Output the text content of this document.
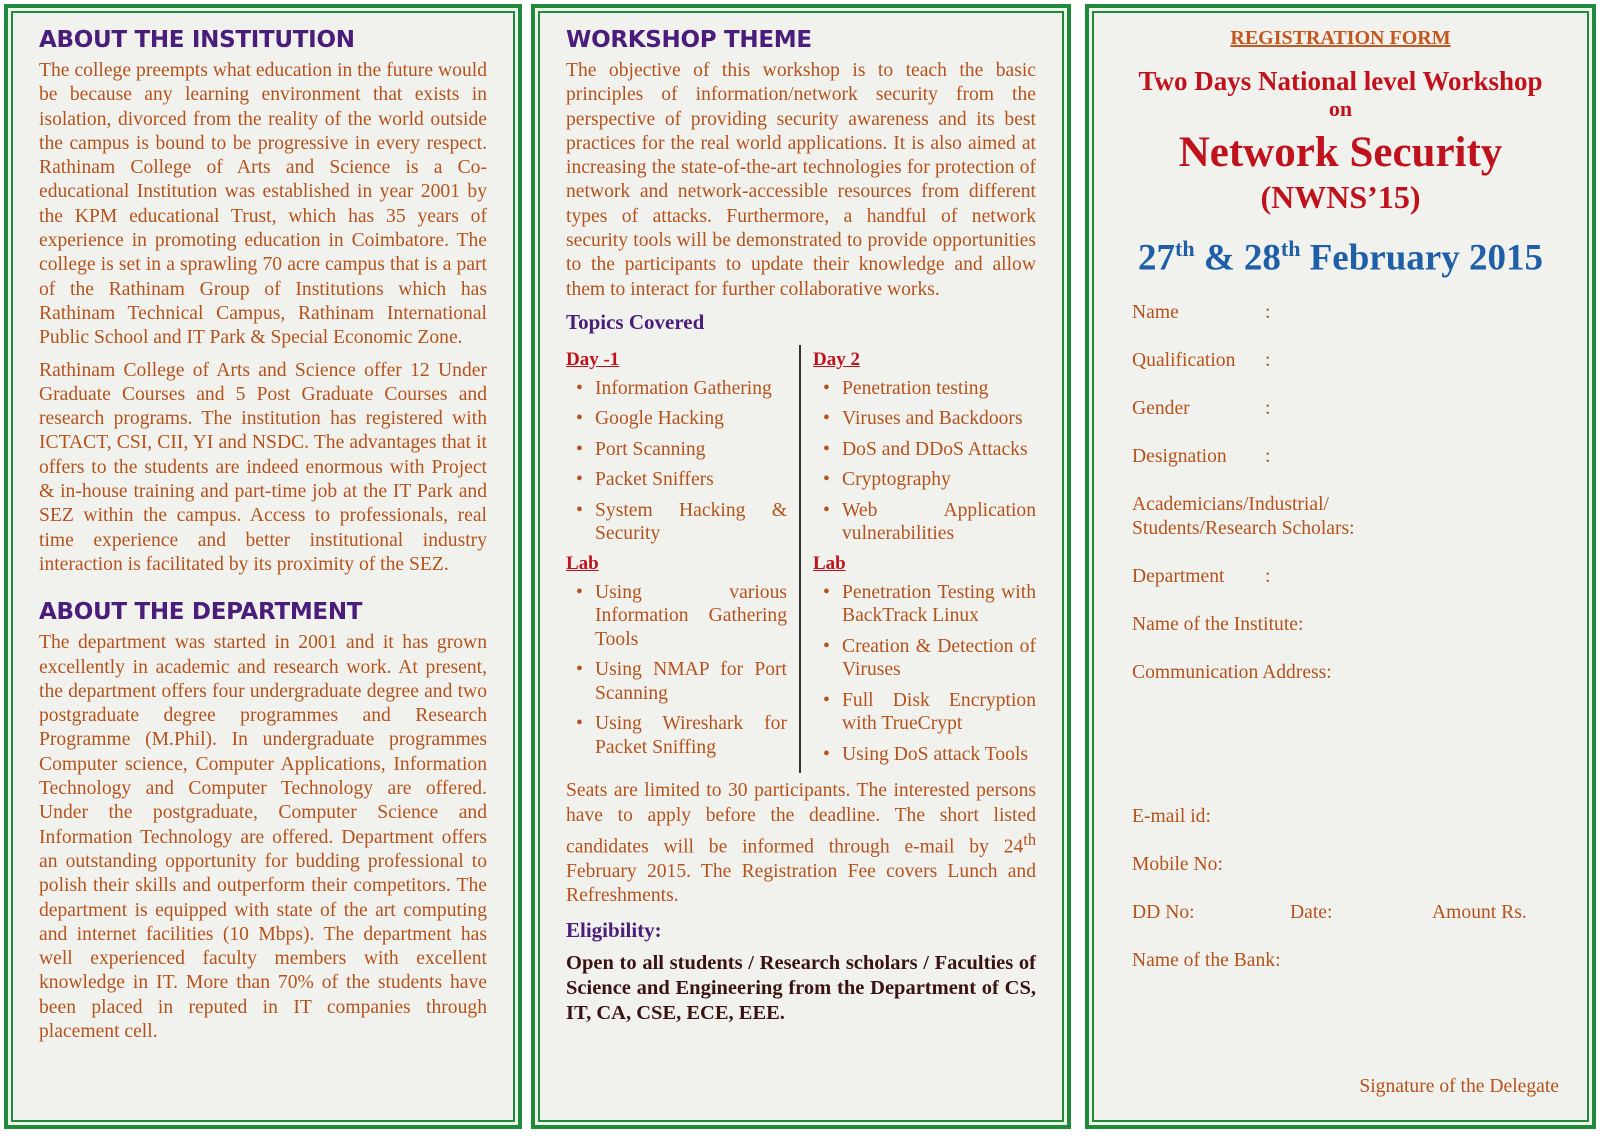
ABOUT THE INSTITUTION

The college preempts what education in the future would be because any learning environment that exists in isolation, divorced from the reality of the world outside the campus is bound to be progressive in every respect. Rathinam College of Arts and Science is a Co-educational Institution was established in year 2001 by the KPM educational Trust, which has 35 years of experience in promoting education in Coimbatore. The college is set in a sprawling 70 acre campus that is a part of the Rathinam Group of Institutions which has Rathinam Technical Campus, Rathinam International Public School and IT Park & Special Economic Zone.

Rathinam College of Arts and Science offer 12 Under Graduate Courses and 5 Post Graduate Courses and research programs. The institution has registered with ICTACT, CSI, CII, YI and NSDC. The advantages that it offers to the students are indeed enormous with Project & in-house training and part-time job at the IT Park and SEZ within the campus. Access to professionals, real time experience and better institutional industry interaction is facilitated by its proximity of the SEZ.

ABOUT THE DEPARTMENT

The department was started in 2001 and it has grown excellently in academic and research work. At present, the department offers four undergraduate degree and two postgraduate degree programmes and Research Programme (M.Phil). In undergraduate programmes Computer science, Computer Applications, Information Technology and Computer Technology are offered. Under the postgraduate, Computer Science and Information Technology are offered. Department offers an outstanding opportunity for budding professional to polish their skills and outperform their competitors. The department is equipped with state of the art computing and internet facilities (10 Mbps). The department has well experienced faculty members with excellent knowledge in IT. More than 70% of the students have been placed in reputed in IT companies through placement cell.

WORKSHOP THEME

The objective of this workshop is to teach the basic principles of information/network security from the perspective of providing security awareness and its best practices for the real world applications. It is also aimed at increasing the state-of-the-art technologies for protection of network and network-accessible resources from different types of attacks. Furthermore, a handful of network security tools will be demonstrated to provide opportunities to the participants to update their knowledge and allow them to interact for further collaborative works.

Topics Covered
Day -1
• Information Gathering
• Google Hacking
• Port Scanning
• Packet Sniffers
• System Hacking & Security
Lab
• Using various Information Gathering Tools
• Using NMAP for Port Scanning
• Using Wireshark for Packet Sniffing
Day 2
• Penetration testing
• Viruses and Backdoors
• DoS and DDoS Attacks
• Cryptography
• Web Application vulnerabilities
Lab
• Penetration Testing with BackTrack Linux
• Creation & Detection of Viruses
• Full Disk Encryption with TrueCrypt
• Using DoS attack Tools

Seats are limited to 30 participants. The interested persons have to apply before the deadline. The short listed candidates will be informed through e-mail by 24th February 2015. The Registration Fee covers Lunch and Refreshments.

Eligibility:

Open to all students / Research scholars / Faculties of Science and Engineering from the Department of CS, IT, CA, CSE, ECE, EEE.

REGISTRATION FORM
Two Days National level Workshop
on
Network Security
(NWNS’15)
27th & 28th February 2015
Name	:
Qualification	:
Gender	:
Designation	:
Academicians/Industrial/
Students/Research Scholars:
Department	:
Name of the Institute:
Communication Address:
E-mail id:
Mobile No:
DD No:	Date:	Amount Rs.
Name of the Bank:
Signature of the Delegate
